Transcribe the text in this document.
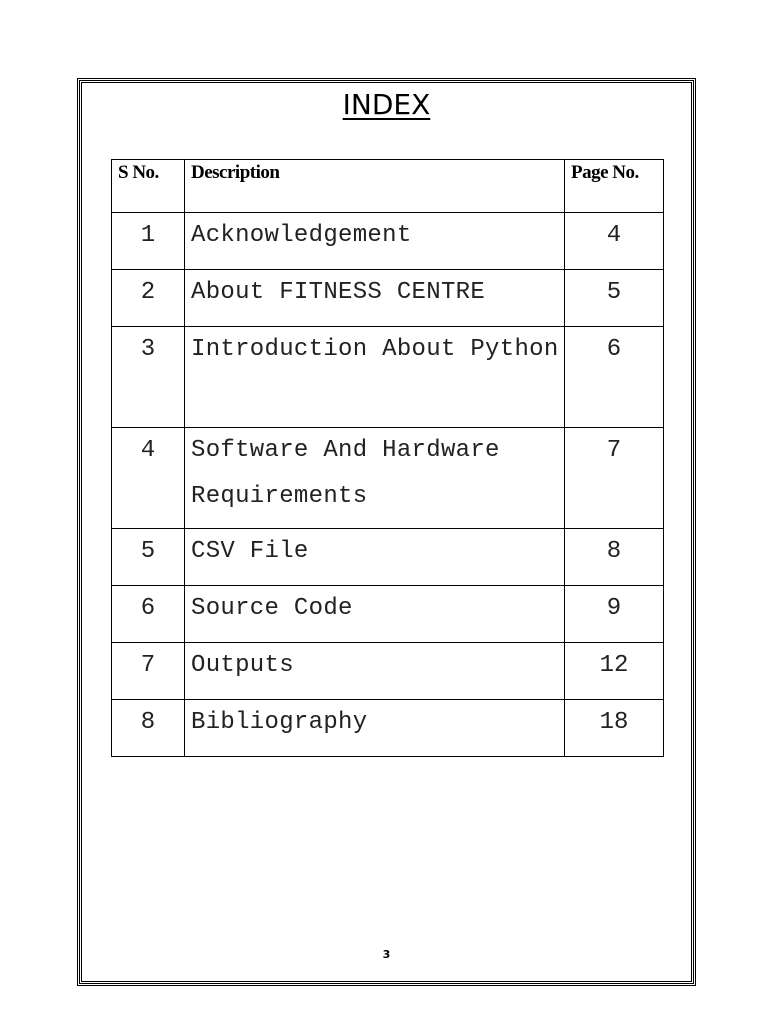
INDEX
S No.	Description	Page No.
1	Acknowledgement	4
2	About FITNESS CENTRE	5
3	Introduction About Python	6
4	Software And Hardware Requirements	7
5	CSV File	8
6	Source Code	9
7	Outputs	12
8	Bibliography	18
3
